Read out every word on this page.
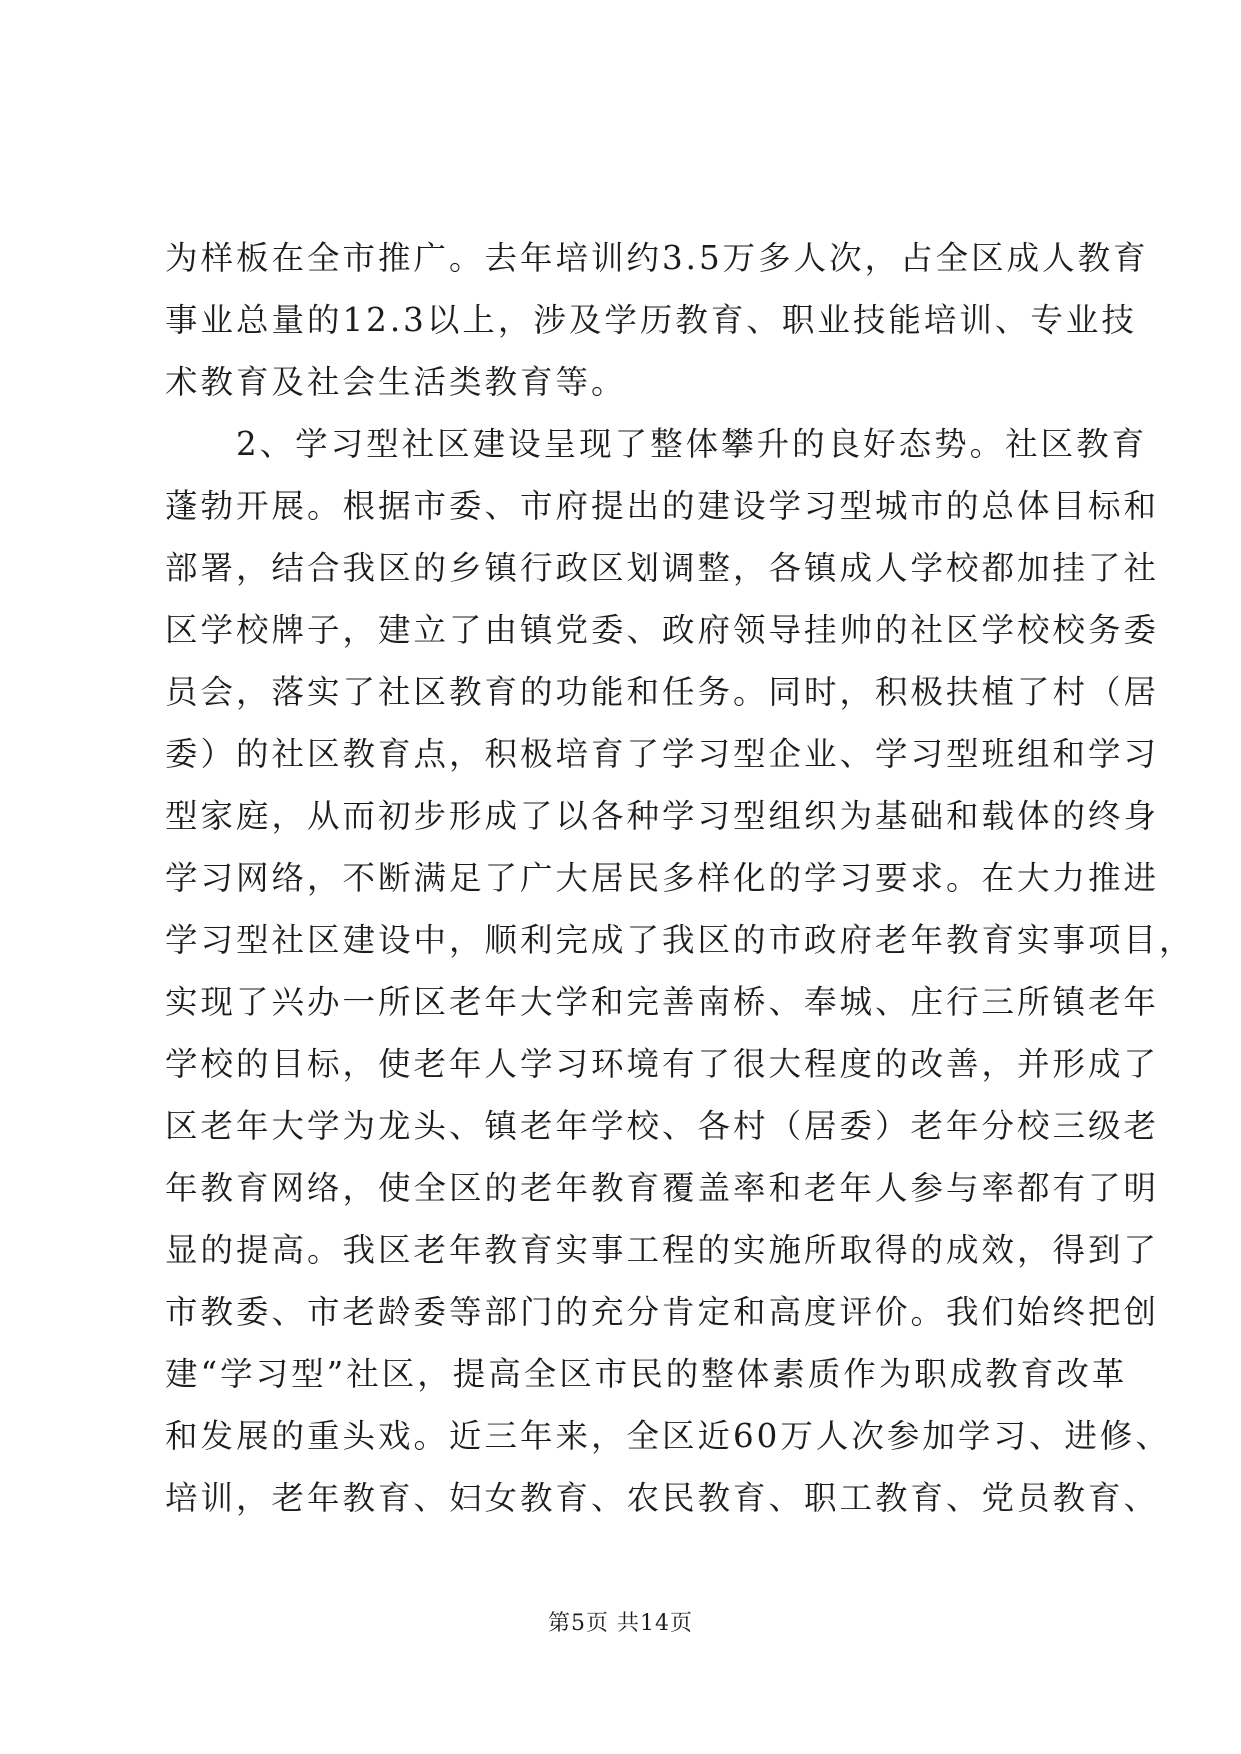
为样板在全市推广。去年培训约3.5万多人次，占全区成人教育
事业总量的12.3以上，涉及学历教育、职业技能培训、专业技
术教育及社会生活类教育等。
　　2、学习型社区建设呈现了整体攀升的良好态势。社区教育
蓬勃开展。根据市委、市府提出的建设学习型城市的总体目标和
部署，结合我区的乡镇行政区划调整，各镇成人学校都加挂了社
区学校牌子，建立了由镇党委、政府领导挂帅的社区学校校务委
员会，落实了社区教育的功能和任务。同时，积极扶植了村（居
委）的社区教育点，积极培育了学习型企业、学习型班组和学习
型家庭，从而初步形成了以各种学习型组织为基础和载体的终身
学习网络，不断满足了广大居民多样化的学习要求。在大力推进
学习型社区建设中，顺利完成了我区的市政府老年教育实事项目，
实现了兴办一所区老年大学和完善南桥、奉城、庄行三所镇老年
学校的目标，使老年人学习环境有了很大程度的改善，并形成了
区老年大学为龙头、镇老年学校、各村（居委）老年分校三级老
年教育网络，使全区的老年教育覆盖率和老年人参与率都有了明
显的提高。我区老年教育实事工程的实施所取得的成效，得到了
市教委、市老龄委等部门的充分肯定和高度评价。我们始终把创
建“学习型”社区，提高全区市民的整体素质作为职成教育改革
和发展的重头戏。近三年来，全区近60万人次参加学习、进修、
培训，老年教育、妇女教育、农民教育、职工教育、党员教育、
第5页 共14页
